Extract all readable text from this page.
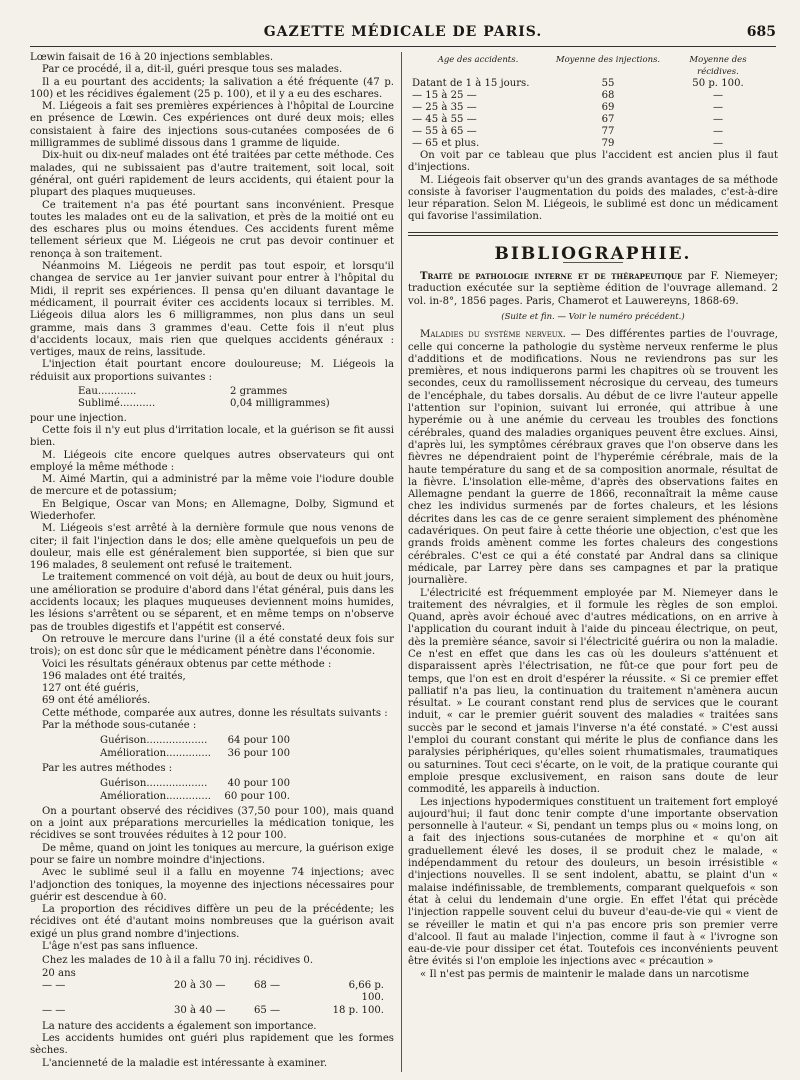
GAZETTE MÉDICALE DE PARIS.	685

Lœwin faisait de 16 à 20 injections semblables.

Par ce procédé, il a, dit-il, guéri presque tous ses malades.

Il a eu pourtant des accidents; la salivation a été fréquente (47 p. 100) et les récidives également (25 p. 100), et il y a eu des eschares.

M. Liégeois a fait ses premières expériences à l'hôpital de Lourcine en présence de Lœwin. Ces expériences ont duré deux mois; elles consistaient à faire des injections sous-cutanées composées de 6 milligrammes de sublimé dissous dans 1 gramme de liquide.

Dix-huit ou dix-neuf malades ont été traitées par cette méthode. Ces malades, qui ne subissaient pas d'autre traitement, soit local, soit général, ont guéri rapidement de leurs accidents, qui étaient pour la plupart des plaques muqueuses.

Ce traitement n'a pas été pourtant sans inconvénient. Presque toutes les malades ont eu de la salivation, et près de la moitié ont eu des eschares plus ou moins étendues. Ces accidents furent même tellement sérieux que M. Liégeois ne crut pas devoir continuer et renonça à son traitement.

Néanmoins M. Liégeois ne perdit pas tout espoir, et lorsqu'il changea de service au 1er janvier suivant pour entrer à l'hôpital du Midi, il reprit ses expériences. Il pensa qu'en diluant davantage le médicament, il pourrait éviter ces accidents locaux si terribles. M. Liégeois dilua alors les 6 milligrammes, non plus dans un seul gramme, mais dans 3 grammes d'eau. Cette fois il n'eut plus d'accidents locaux, mais rien que quelques accidents généraux : vertiges, maux de reins, lassitude.

L'injection était pourtant encore douloureuse; M. Liégeois la réduisit aux proportions suivantes :

Eau............	2 grammes
Sublimé...........	0,04 milligrammes)

pour une injection.

Cette fois il n'y eut plus d'irritation locale, et la guérison se fit aussi bien.

M. Liégeois cite encore quelques autres observateurs qui ont employé la même méthode :

M. Aimé Martin, qui a administré par la même voie l'iodure double de mercure et de potassium;

En Belgique, Oscar van Mons; en Allemagne, Dolby, Sigmund et Wiederhofer.

M. Liégeois s'est arrêté à la dernière formule que nous venons de citer; il fait l'injection dans le dos; elle amène quelquefois un peu de douleur, mais elle est généralement bien supportée, si bien que sur 196 malades, 8 seulement ont refusé le traitement.

Le traitement commencé on voit déjà, au bout de deux ou huit jours, une amélioration se produire d'abord dans l'état général, puis dans les accidents locaux; les plaques muqueuses deviennent moins humides, les lésions s'arrêtent ou se séparent, et en même temps on n'observe pas de troubles digestifs et l'appétit est conservé.

On retrouve le mercure dans l'urine (il a été constaté deux fois sur trois); on est donc sûr que le médicament pénètre dans l'économie.

Voici les résultats généraux obtenus par cette méthode :

196 malades ont été traités,
127 ont été guéris,
69 ont été améliorés.

Cette méthode, comparée aux autres, donne les résultats suivants :

Par la méthode sous-cutanée :

Guérison...................	64 pour 100
Amélioration..............	36 pour 100

Par les autres méthodes :

Guérison...................	40 pour 100
Amélioration..............	60 pour 100.

On a pourtant observé des récidives (37,50 pour 100), mais quand on a joint aux préparations mercurielles la médication tonique, les récidives se sont trouvées réduites à 12 pour 100.

De même, quand on joint les toniques au mercure, la guérison exige pour se faire un nombre moindre d'injections.

Avec le sublimé seul il a fallu en moyenne 74 injections; avec l'adjonction des toniques, la moyenne des injections nécessaires pour guérir est descendue à 60.

La proportion des récidives diffère un peu de la précédente; les récidives ont été d'autant moins nombreuses que la guérison avait exigé un plus grand nombre d'injections.

L'âge n'est pas sans influence.

Chez les malades de 10 à 20 ans
il a fallu 70 inj. récidives 0.
— —	20 à 30 —	68 —	6,66 p. 100.
— —	30 à 40 —	65 —	18 p. 100.

La nature des accidents a également son importance.

Les accidents humides ont guéri plus rapidement que les formes sèches.

L'ancienneté de la maladie est intéressante à examiner.

Age des accidents.	Moyenne des injections.	Moyenne des récidives.
Datant de 1 à 15 jours.	55	50 p. 100.
— 15 à 25 —	68	—
— 25 à 35 —	69	—
— 45 à 55 —	67	—
— 55 à 65 —	77	—
— 65 et plus.	79	—

On voit par ce tableau que plus l'accident est ancien plus il faut d'injections.

M. Liégeois fait observer qu'un des grands avantages de sa méthode consiste à favoriser l'augmentation du poids des malades, c'est-à-dire leur réparation. Selon M. Liégeois, le sublimé est donc un médicament qui favorise l'assimilation.

BIBLIOGRAPHIE.
Traité de pathologie interne et de thérapeutique par F. Niemeyer; traduction exécutée sur la septième édition de l'ouvrage allemand. 2 vol. in-8°, 1856 pages. Paris, Chamerot et Lauwereyns, 1868-69.
(Suite et fin. — Voir le numéro précédent.)

Maladies du système nerveux. — Des différentes parties de l'ouvrage, celle qui concerne la pathologie du système nerveux renferme le plus d'additions et de modifications. Nous ne reviendrons pas sur les premières, et nous indiquerons parmi les chapitres où se trouvent les secondes, ceux du ramollissement nécrosique du cerveau, des tumeurs de l'encéphale, du tabes dorsalis. Au début de ce livre l'auteur appelle l'attention sur l'opinion, suivant lui erronée, qui attribue à une hyperémie ou à une anémie du cerveau les troubles des fonctions cérébrales, quand des maladies organiques peuvent être exclues. Ainsi, d'après lui, les symptômes cérébraux graves que l'on observe dans les fièvres ne dépendraient point de l'hyperémie cérébrale, mais de la haute température du sang et de sa composition anormale, résultat de la fièvre. L'insolation elle-même, d'après des observations faites en Allemagne pendant la guerre de 1866, reconnaîtrait la même cause chez les individus surmenés par de fortes chaleurs, et les lésions décrites dans les cas de ce genre seraient simplement des phénomène cadavériques. On peut faire à cette théorie une objection, c'est que les grands froids amènent comme les fortes chaleurs des congestions cérébrales. C'est ce qui a été constaté par Andral dans sa clinique médicale, par Larrey père dans ses campagnes et par la pratique journalière.

L'électricité est fréquemment employée par M. Niemeyer dans le traitement des névralgies, et il formule les règles de son emploi. Quand, après avoir échoué avec d'autres médications, on en arrive à l'application du courant induit à l'aide du pinceau électrique, on peut, dès la première séance, savoir si l'électricité guérira ou non la maladie. Ce n'est en effet que dans les cas où les douleurs s'atténuent et disparaissent après l'électrisation, ne fût-ce que pour fort peu de temps, que l'on est en droit d'espérer la réussite. « Si ce premier effet palliatif n'a pas lieu, la continuation du traitement n'amènera aucun résultat. » Le courant constant rend plus de services que le courant induit, « car le premier guérit souvent des maladies « traitées sans succès par le second et jamais l'inverse n'a été constaté. » C'est aussi l'emploi du courant constant qui mérite le plus de confiance dans les paralysies périphériques, qu'elles soient rhumatismales, traumatiques ou saturnines. Tout ceci s'écarte, on le voit, de la pratique courante qui emploie presque exclusivement, en raison sans doute de leur commodité, les appareils à induction.

Les injections hypodermiques constituent un traitement fort employé aujourd'hui; il faut donc tenir compte d'une importante observation personnelle à l'auteur. « Si, pendant un temps plus ou « moins long, on a fait des injections sous-cutanées de morphine et « qu'on ait graduellement élevé les doses, il se produit chez le malade, « indépendamment du retour des douleurs, un besoin irrésistible « d'injections nouvelles. Il se sent indolent, abattu, se plaint d'un « malaise indéfinissable, de tremblements, comparant quelquefois « son état à celui du lendemain d'une orgie. En effet l'état qui précède l'injection rappelle souvent celui du buveur d'eau-de-vie qui « vient de se réveiller le matin et qui n'a pas encore pris son premier verre d'alcool. Il faut au malade l'injection, comme il faut à « l'ivrogne son eau-de-vie pour dissiper cet état. Toutefois ces inconvénients peuvent être évités si l'on emploie les injections avec « précaution »

« Il n'est pas permis de maintenir le malade dans un narcotisme
